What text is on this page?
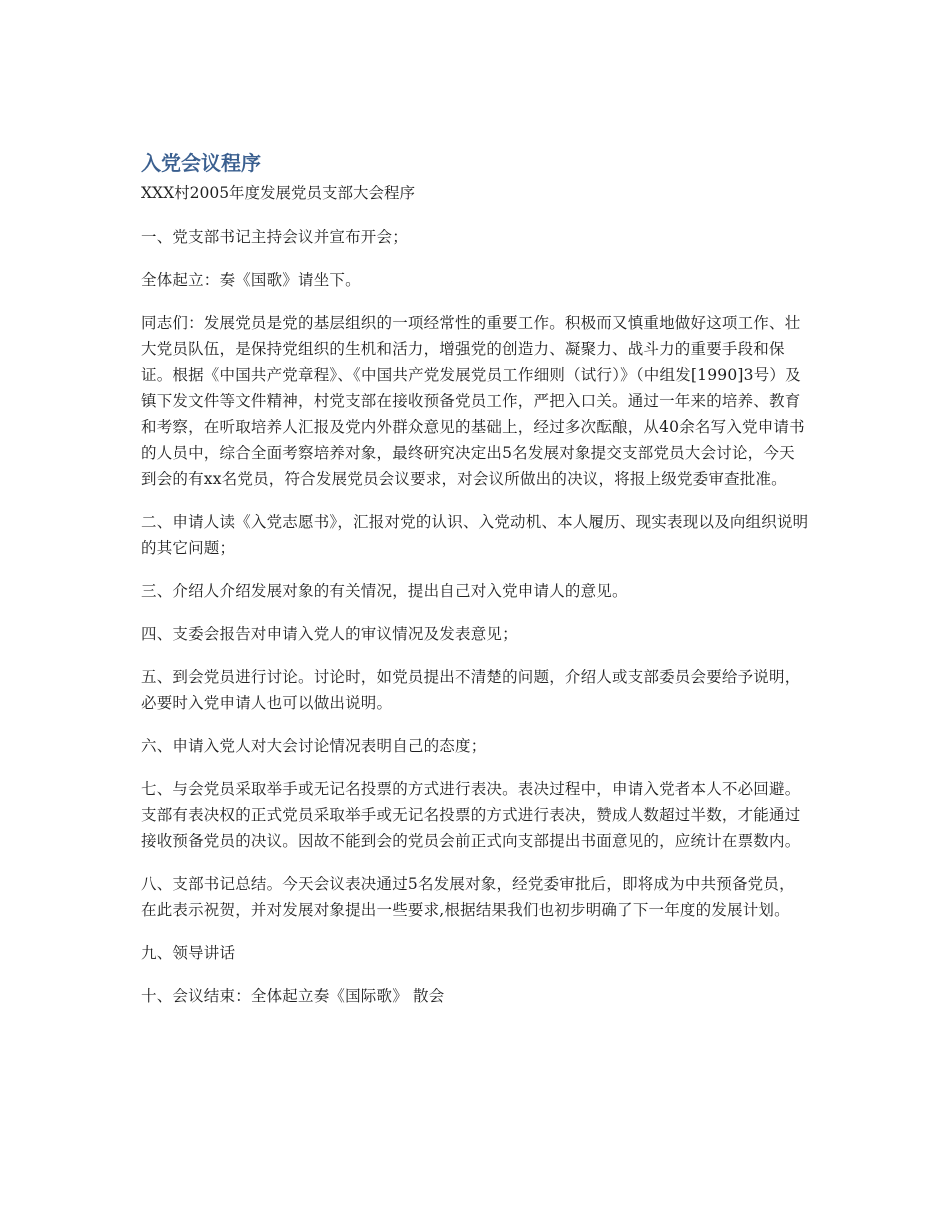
入党会议程序

XXX村2005年度发展党员支部大会程序

一、党支部书记主持会议并宣布开会；

全体起立：奏《国歌》请坐下。

同志们：发展党员是党的基层组织的一项经常性的重要工作。积极而又慎重地做好这项工作、壮大党员队伍，是保持党组织的生机和活力，增强党的创造力、凝聚力、战斗力的重要手段和保证。根据《中国共产党章程》、《中国共产党发展党员工作细则（试行）》（中组发[1990]3号）及镇下发文件等文件精神，村党支部在接收预备党员工作，严把入口关。通过一年来的培养、教育和考察，在听取培养人汇报及党内外群众意见的基础上，经过多次酝酿，从40余名写入党申请书的人员中，综合全面考察培养对象，最终研究决定出5名发展对象提交支部党员大会讨论，今天到会的有xx名党员，符合发展党员会议要求，对会议所做出的决议，将报上级党委审查批准。

二、申请人读《入党志愿书》，汇报对党的认识、入党动机、本人履历、现实表现以及向组织说明的其它问题；

三、介绍人介绍发展对象的有关情况，提出自己对入党申请人的意见。

四、支委会报告对申请入党人的审议情况及发表意见；

五、到会党员进行讨论。讨论时，如党员提出不清楚的问题，介绍人或支部委员会要给予说明，必要时入党申请人也可以做出说明。

六、申请入党人对大会讨论情况表明自己的态度；

七、与会党员采取举手或无记名投票的方式进行表决。表决过程中，申请入党者本人不必回避。支部有表决权的正式党员采取举手或无记名投票的方式进行表决，赞成人数超过半数，才能通过接收预备党员的决议。因故不能到会的党员会前正式向支部提出书面意见的，应统计在票数内。

八、支部书记总结。今天会议表决通过5名发展对象，经党委审批后，即将成为中共预备党员，在此表示祝贺，并对发展对象提出一些要求,根据结果我们也初步明确了下一年度的发展计划。

九、领导讲话

十、会议结束：全体起立奏《国际歌》 散会
